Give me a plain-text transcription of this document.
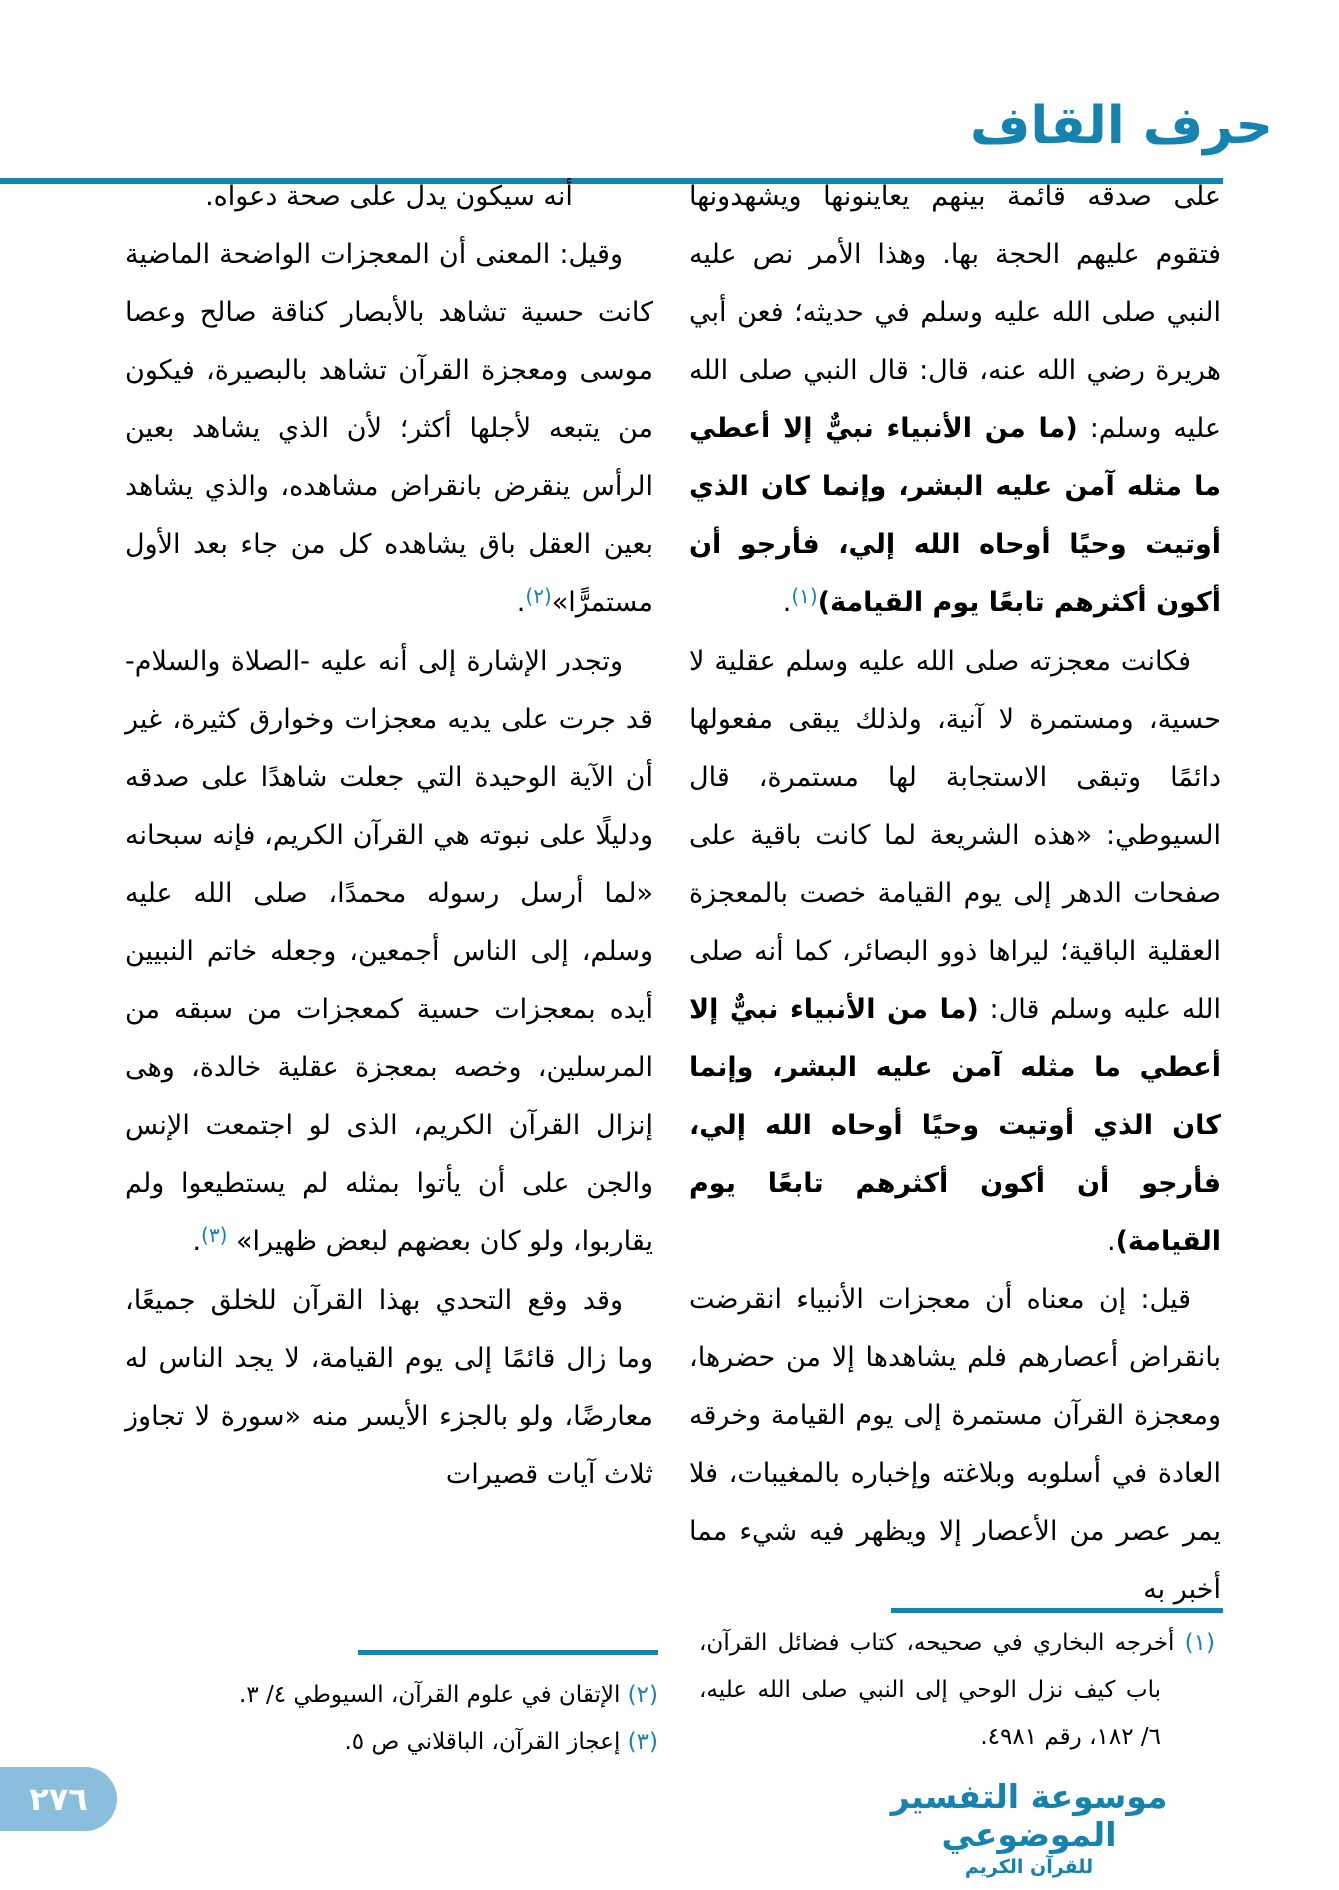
حرف القاف

على صدقه قائمة بينهم يعاينونها ويشهدونها فتقوم عليهم الحجة بها. وهذا الأمر نص عليه النبي صلى الله عليه وسلم في حديثه؛ فعن أبي هريرة رضي الله عنه، قال: قال النبي صلى الله عليه وسلم: (ما من الأنبياء نبيٌّ إلا أعطي ما مثله آمن عليه البشر، وإنما كان الذي أوتيت وحيًا أوحاه الله إلي، فأرجو أن أكون أكثرهم تابعًا يوم القيامة)$^{(١)}$.

فكانت معجزته صلى الله عليه وسلم عقلية لا حسية، ومستمرة لا آنية، ولذلك يبقى مفعولها دائمًا وتبقى الاستجابة لها مستمرة، قال السيوطي: «هذه الشريعة لما كانت باقية على صفحات الدهر إلى يوم القيامة خصت بالمعجزة العقلية الباقية؛ ليراها ذوو البصائر، كما أنه صلى الله عليه وسلم قال: (ما من الأنبياء نبيٌّ إلا أعطي ما مثله آمن عليه البشر، وإنما كان الذي أوتيت وحيًا أوحاه الله إلي، فأرجو أن أكون أكثرهم تابعًا يوم القيامة).

قيل: إن معناه أن معجزات الأنبياء انقرضت بانقراض أعصارهم فلم يشاهدها إلا من حضرها، ومعجزة القرآن مستمرة إلى يوم القيامة وخرقه العادة في أسلوبه وبلاغته وإخباره بالمغيبات، فلا يمر عصر من الأعصار إلا ويظهر فيه شيء مما أخبر به

أنه سيكون يدل على صحة دعواه.

وقيل: المعنى أن المعجزات الواضحة الماضية كانت حسية تشاهد بالأبصار كناقة صالح وعصا موسى ومعجزة القرآن تشاهد بالبصيرة، فيكون من يتبعه لأجلها أكثر؛ لأن الذي يشاهد بعين الرأس ينقرض بانقراض مشاهده، والذي يشاهد بعين العقل باق يشاهده كل من جاء بعد الأول مستمرًّا»$^{(٢)}$.

وتجدر الإشارة إلى أنه عليه -الصلاة والسلام- قد جرت على يديه معجزات وخوارق كثيرة، غير أن الآية الوحيدة التي جعلت شاهدًا على صدقه ودليلًا على نبوته هي القرآن الكريم، فإنه سبحانه «لما أرسل رسوله محمدًا، صلى الله عليه وسلم، إلى الناس أجمعين، وجعله خاتم النبيين أيده بمعجزات حسية كمعجزات من سبقه من المرسلين، وخصه بمعجزة عقلية خالدة، وهى إنزال القرآن الكريم، الذى لو اجتمعت الإنس والجن على أن يأتوا بمثله لم يستطيعوا ولم يقاربوا، ولو كان بعضهم لبعض ظهيرا» $^{(٣)}$.

وقد وقع التحدي بهذا القرآن للخلق جميعًا، وما زال قائمًا إلى يوم القيامة، لا يجد الناس له معارضًا، ولو بالجزء الأيسر منه «سورة لا تجاوز ثلاث آيات قصيرات

(١) أخرجه البخاري في صحيحه، كتاب فضائل القرآن، باب كيف نزل الوحي إلى النبي صلى الله عليه، ٦/ ١٨٢، رقم ٤٩٨١.
(٢) الإتقان في علوم القرآن، السيوطي ٤/ ٣.
(٣) إعجاز القرآن، الباقلاني ص ٥.
موسوعة التفسير الموضوعي
للقرآن الكريم
٢٧٦
